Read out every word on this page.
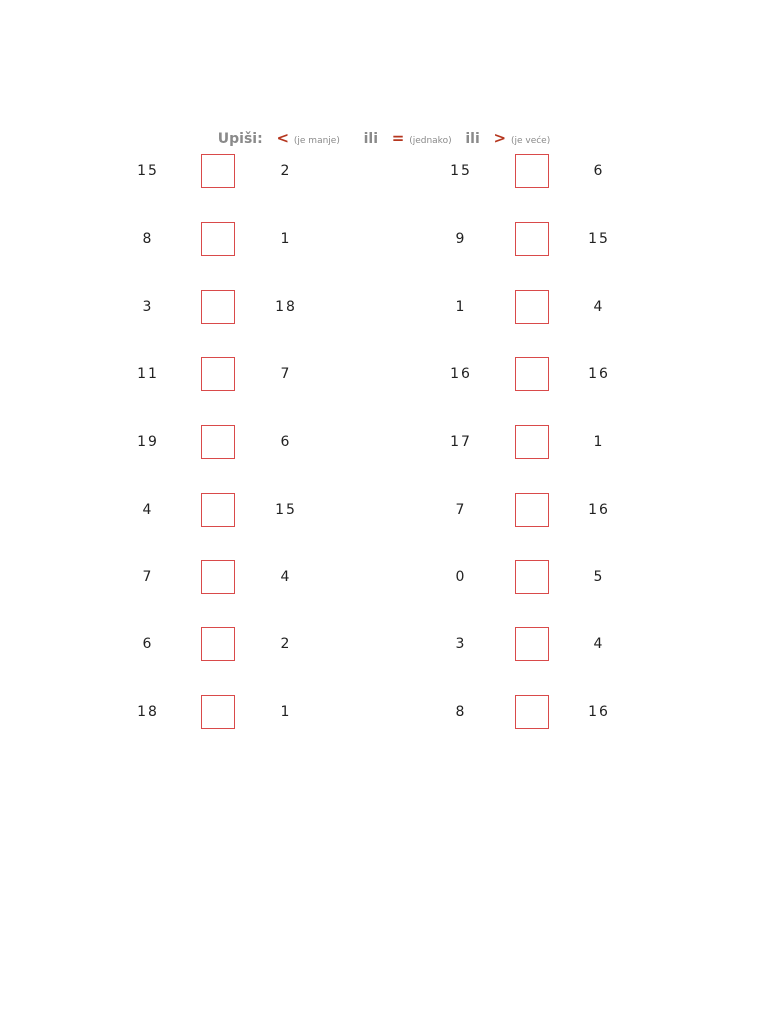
Upiši: < (je manje) ili = (jednako) ili > (je veće)
15	2	15	6
8	1	9	15
3	18	1	4
11	7	16	16
19	6	17	1
4	15	7	16
7	4	0	5
6	2	3	4
18	1	8	16
